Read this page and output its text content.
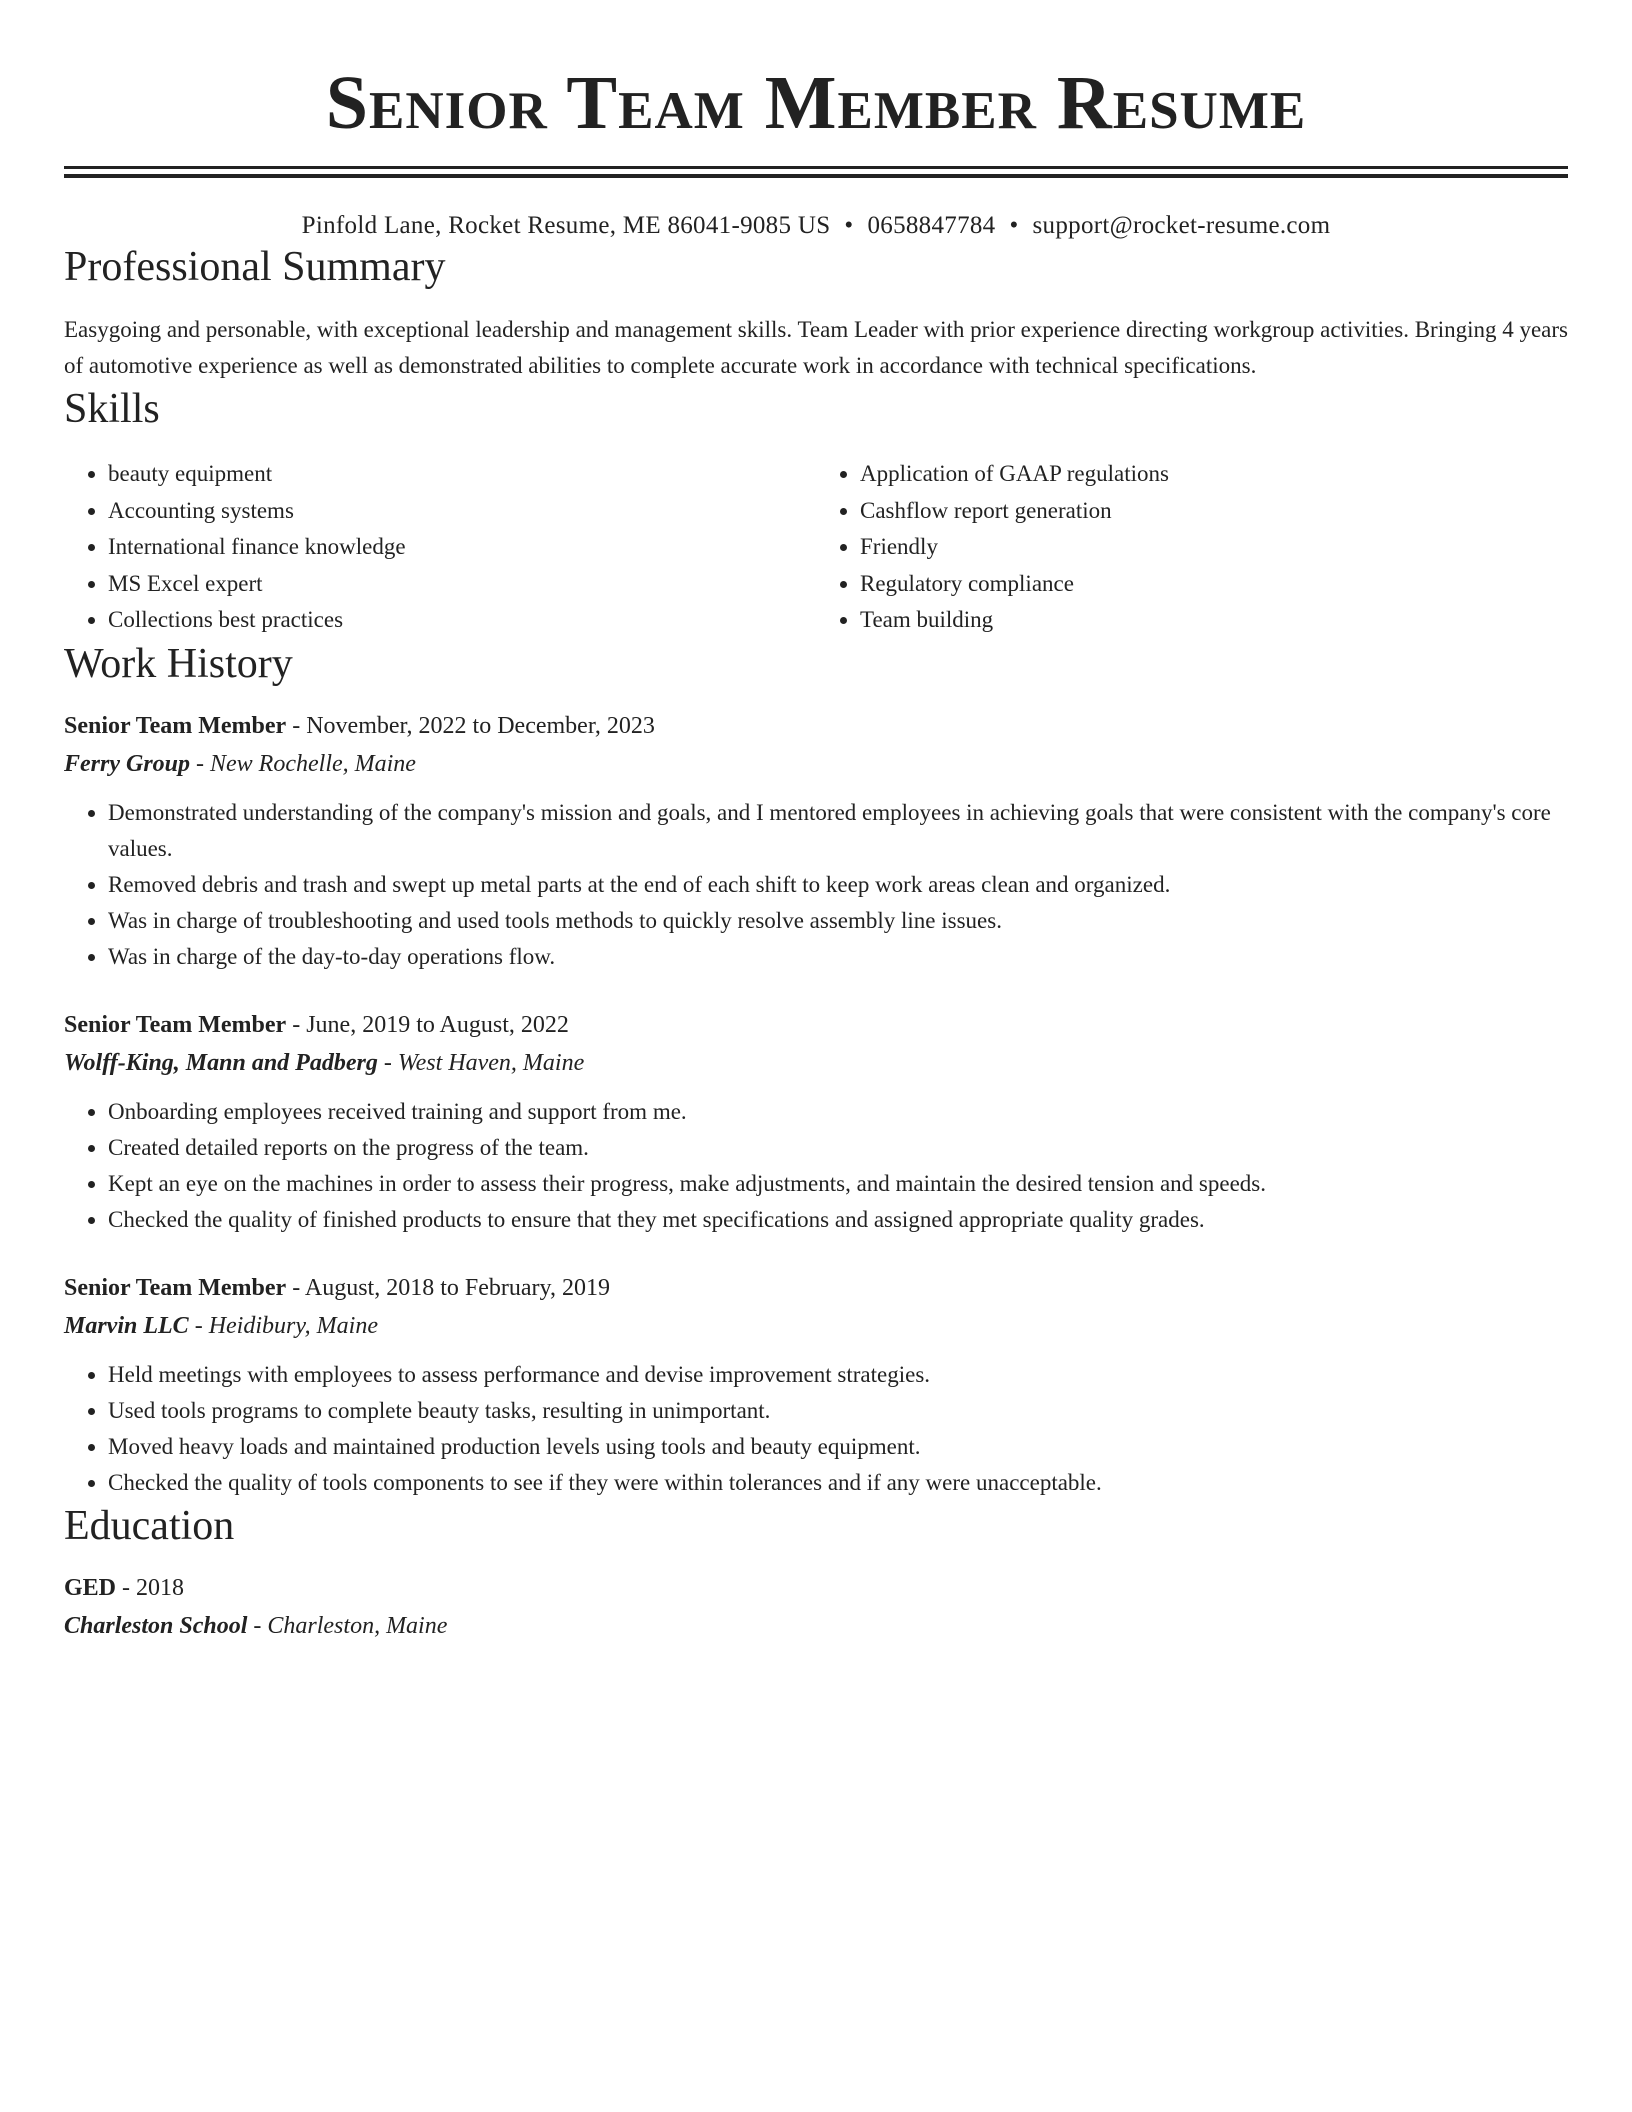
Senior Team Member Resume
Pinfold Lane, Rocket Resume, ME 86041-9085 US • 0658847784 • support@rocket-resume.com
Professional Summary

Easygoing and personable, with exceptional leadership and management skills. Team Leader with prior experience directing workgroup activities. Bringing 4 years of automotive experience as well as demonstrated abilities to complete accurate work in accordance with technical specifications.

Skills
• beauty equipment
• Accounting systems
• International finance knowledge
• MS Excel expert
• Collections best practices
• Application of GAAP regulations
• Cashflow report generation
• Friendly
• Regulatory compliance
• Team building
Work History
Senior Team Member - November, 2022 to December, 2023
Ferry Group - New Rochelle, Maine
• Demonstrated understanding of the company's mission and goals, and I mentored employees in achieving goals that were consistent with the company's core values.
• Removed debris and trash and swept up metal parts at the end of each shift to keep work areas clean and organized.
• Was in charge of troubleshooting and used tools methods to quickly resolve assembly line issues.
• Was in charge of the day-to-day operations flow.
Senior Team Member - June, 2019 to August, 2022
Wolff-King, Mann and Padberg - West Haven, Maine
• Onboarding employees received training and support from me.
• Created detailed reports on the progress of the team.
• Kept an eye on the machines in order to assess their progress, make adjustments, and maintain the desired tension and speeds.
• Checked the quality of finished products to ensure that they met specifications and assigned appropriate quality grades.
Senior Team Member - August, 2018 to February, 2019
Marvin LLC - Heidibury, Maine
• Held meetings with employees to assess performance and devise improvement strategies.
• Used tools programs to complete beauty tasks, resulting in unimportant.
• Moved heavy loads and maintained production levels using tools and beauty equipment.
• Checked the quality of tools components to see if they were within tolerances and if any were unacceptable.
Education
GED - 2018
Charleston School - Charleston, Maine
